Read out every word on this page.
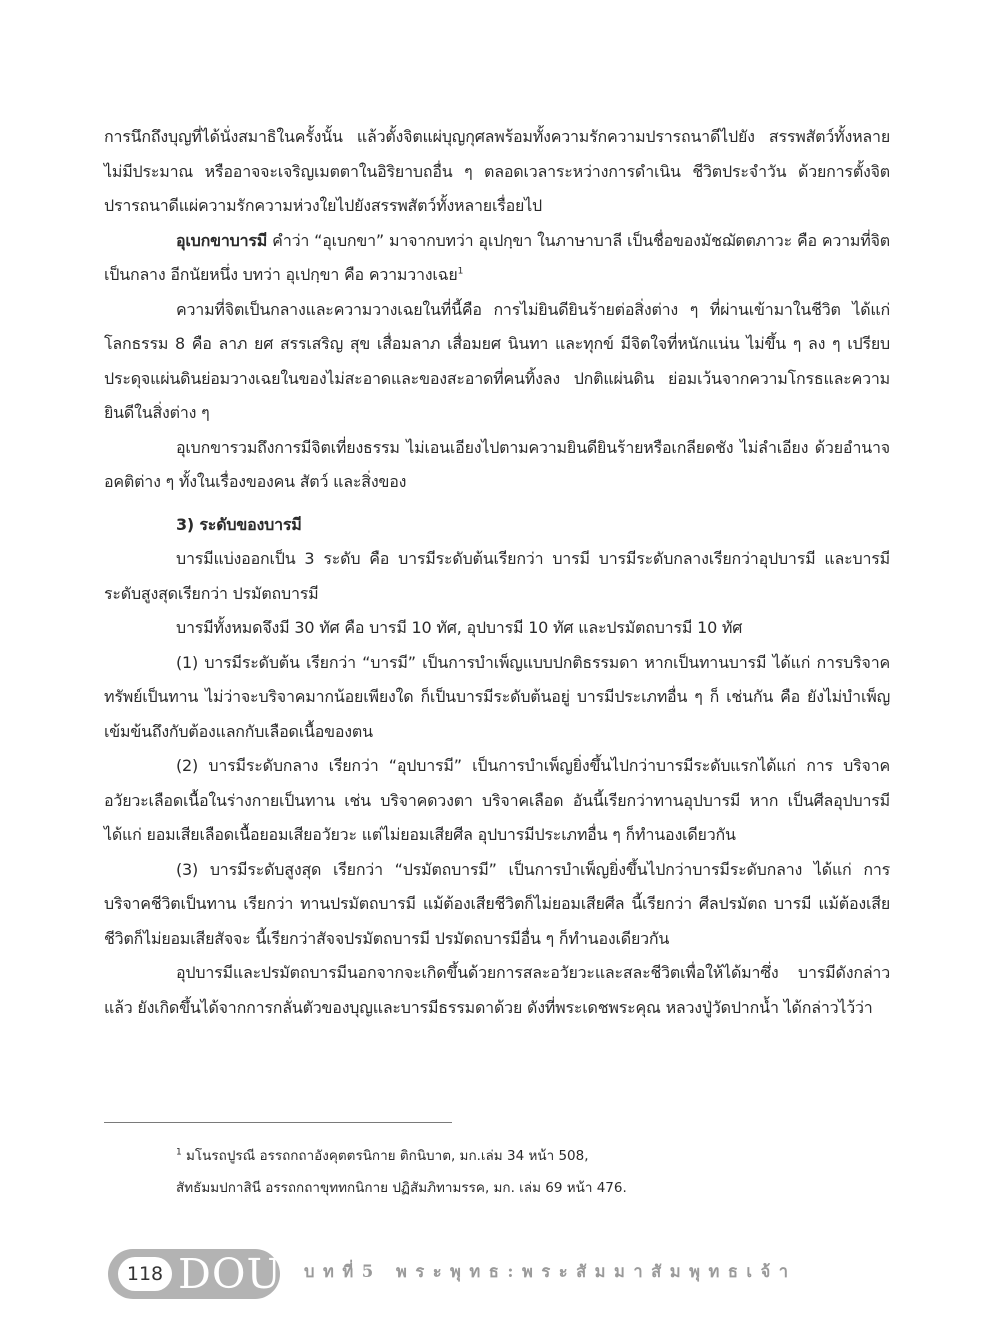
การนึกถึงบุญที่ได้นั่งสมาธิในครั้งนั้น แล้วตั้งจิตแผ่บุญกุศลพร้อมทั้งความรักความปรารถนาดีไปยัง สรรพสัตว์ทั้งหลายไม่มีประมาณ หรืออาจจะเจริญเมตตาในอิริยาบถอื่น ๆ ตลอดเวลาระหว่างการดำเนิน ชีวิตประจำวัน ด้วยการตั้งจิตปรารถนาดีแผ่ความรักความห่วงใยไปยังสรรพสัตว์ทั้งหลายเรื่อยไป

อุเบกขาบารมี คำว่า “อุเบกขา” มาจากบทว่า อุเปกฺขา ในภาษาบาลี เป็นชื่อของมัชฌัตตภาวะ คือ ความที่จิตเป็นกลาง อีกนัยหนึ่ง บทว่า อุเปกฺขา คือ ความวางเฉย$^1$

ความที่จิตเป็นกลางและความวางเฉยในที่นี้คือ การไม่ยินดียินร้ายต่อสิ่งต่าง ๆ ที่ผ่านเข้ามาในชีวิต ได้แก่ โลกธรรม 8 คือ ลาภ ยศ สรรเสริญ สุข เสื่อมลาภ เสื่อมยศ นินทา และทุกข์ มีจิตใจที่หนักแน่น ไม่ขึ้น ๆ ลง ๆ เปรียบประดุจแผ่นดินย่อมวางเฉยในของไม่สะอาดและของสะอาดที่คนทิ้งลง ปกติแผ่นดิน ย่อมเว้นจากความโกรธและความยินดีในสิ่งต่าง ๆ

อุเบกขารวมถึงการมีจิตเที่ยงธรรม ไม่เอนเอียงไปตามความยินดียินร้ายหรือเกลียดชัง ไม่ลำเอียง ด้วยอำนาจอคติต่าง ๆ ทั้งในเรื่องของคน สัตว์ และสิ่งของ

3) ระดับของบารมี

บารมีแบ่งออกเป็น 3 ระดับ คือ บารมีระดับต้นเรียกว่า บารมี บารมีระดับกลางเรียกว่าอุปบารมี และบารมีระดับสูงสุดเรียกว่า ปรมัตถบารมี

บารมีทั้งหมดจึงมี 30 ทัศ คือ บารมี 10 ทัศ, อุปบารมี 10 ทัศ และปรมัตถบารมี 10 ทัศ

(1) บารมีระดับต้น เรียกว่า “บารมี” เป็นการบำเพ็ญแบบปกติธรรมดา หากเป็นทานบารมี ได้แก่ การบริจาคทรัพย์เป็นทาน ไม่ว่าจะบริจาคมากน้อยเพียงใด ก็เป็นบารมีระดับต้นอยู่ บารมีประเภทอื่น ๆ ก็ เช่นกัน คือ ยังไม่บำเพ็ญเข้มข้นถึงกับต้องแลกกับเลือดเนื้อของตน

(2) บารมีระดับกลาง เรียกว่า “อุปบารมี” เป็นการบำเพ็ญยิ่งขึ้นไปกว่าบารมีระดับแรกได้แก่ การ บริจาคอวัยวะเลือดเนื้อในร่างกายเป็นทาน เช่น บริจาคดวงตา บริจาคเลือด อันนี้เรียกว่าทานอุปบารมี หาก เป็นศีลอุปบารมี ได้แก่ ยอมเสียเลือดเนื้อยอมเสียอวัยวะ แต่ไม่ยอมเสียศีล อุปบารมีประเภทอื่น ๆ ก็ทำนองเดียวกัน

(3) บารมีระดับสูงสุด เรียกว่า “ปรมัตถบารมี” เป็นการบำเพ็ญยิ่งขึ้นไปกว่าบารมีระดับกลาง ได้แก่ การบริจาคชีวิตเป็นทาน เรียกว่า ทานปรมัตถบารมี แม้ต้องเสียชีวิตก็ไม่ยอมเสียศีล นี้เรียกว่า ศีลปรมัตถ บารมี แม้ต้องเสียชีวิตก็ไม่ยอมเสียสัจจะ นี้เรียกว่าสัจจปรมัตถบารมี ปรมัตถบารมีอื่น ๆ ก็ทำนองเดียวกัน

อุปบารมีและปรมัตถบารมีนอกจากจะเกิดขึ้นด้วยการสละอวัยวะและสละชีวิตเพื่อให้ได้มาซึ่ง บารมีดังกล่าวแล้ว ยังเกิดขึ้นได้จากการกลั่นตัวของบุญและบารมีธรรมดาด้วย ดังที่พระเดชพระคุณ หลวงปู่วัดปากน้ำ ได้กล่าวไว้ว่า

$^1$ มโนรถปูรณี อรรถกถาอังคุตตรนิกาย ติกนิบาต, มก.เล่ม 34 หน้า 508,

สัทธัมมปกาสินี อรรถกถาขุททกนิกาย ปฏิสัมภิทามรรค, มก. เล่ม 69 หน้า 476.

118 DOU บทที่5 พระพุทธ:พระสัมมาสัมพุทธเจ้า
